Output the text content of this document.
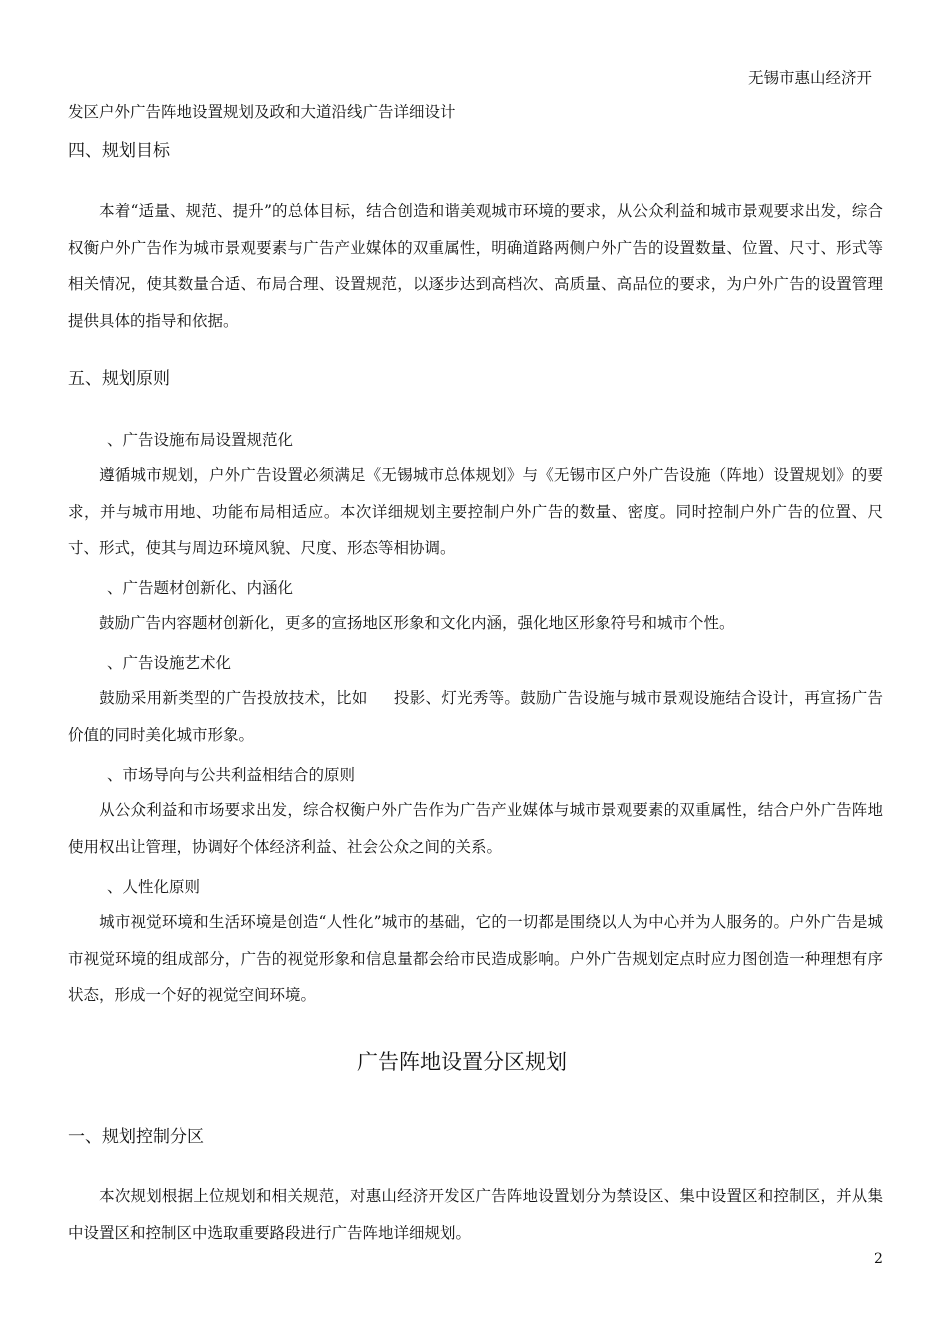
无锡市惠山经济开
发区户外广告阵地设置规划及政和大道沿线广告详细设计
四、规划目标
本着“适量、规范、提升”的总体目标，结合创造和谐美观城市环境的要求，从公众利益和城市景观要求出发，综合权衡户外广告作为城市景观要素与广告产业媒体的双重属性，明确道路两侧户外广告的设置数量、位置、尺寸、形式等相关情况，使其数量合适、布局合理、设置规范，以逐步达到高档次、高质量、高品位的要求，为户外广告的设置管理提供具体的指导和依据。
五、规划原则
、广告设施布局设置规范化
遵循城市规划，户外广告设置必须满足《无锡城市总体规划》与《无锡市区户外广告设施（阵地）设置规划》的要求，并与城市用地、功能布局相适应。本次详细规划主要控制户外广告的数量、密度。同时控制户外广告的位置、尺寸、形式，使其与周边环境风貌、尺度、形态等相协调。
、广告题材创新化、内涵化
鼓励广告内容题材创新化，更多的宣扬地区形象和文化内涵，强化地区形象符号和城市个性。
、广告设施艺术化
鼓励采用新类型的广告投放技术，比如 投影、灯光秀等。鼓励广告设施与城市景观设施结合设计，再宣扬广告价值的同时美化城市形象。
、市场导向与公共利益相结合的原则
从公众利益和市场要求出发，综合权衡户外广告作为广告产业媒体与城市景观要素的双重属性，结合户外广告阵地使用权出让管理，协调好个体经济利益、社会公众之间的关系。
、人性化原则
城市视觉环境和生活环境是创造“人性化”城市的基础，它的一切都是围绕以人为中心并为人服务的。户外广告是城市视觉环境的组成部分，广告的视觉形象和信息量都会给市民造成影响。户外广告规划定点时应力图创造一种理想有序状态，形成一个好的视觉空间环境。
广告阵地设置分区规划
一、规划控制分区
本次规划根据上位规划和相关规范，对惠山经济开发区广告阵地设置划分为禁设区、集中设置区和控制区，并从集中设置区和控制区中选取重要路段进行广告阵地详细规划。
2
